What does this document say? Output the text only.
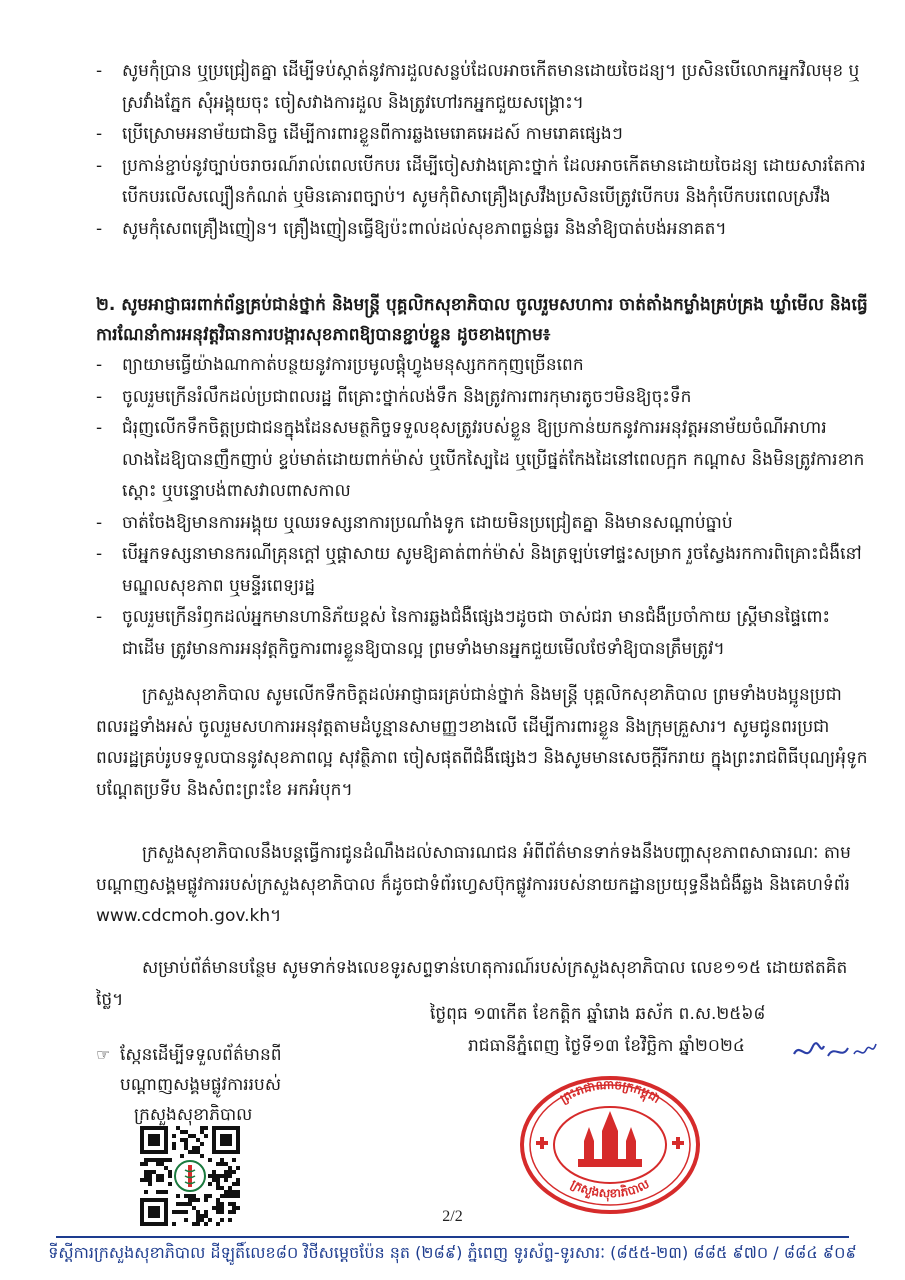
- សូមកុំប្រាន ឬប្រជ្រៀតគ្នា ដើម្បីទប់ស្កាត់នូវការដួលសន្លប់ដែលអាចកើតមានដោយចៃដន្យ។ ប្រសិនបើលោកអ្នកវិលមុខ ឬស្រវាំងភ្នែក សុំអង្គុយចុះ ចៀសវាងការដួល និងត្រូវហៅរកអ្នកជួយសង្គ្រោះ។
- ប្រើស្រោមអនាម័យជានិច្ច ដើម្បីការពារខ្លួនពីការឆ្លងមេរោគអេដស៍ កាមរោគផ្សេងៗ
- ប្រកាន់ខ្ជាប់នូវច្បាប់ចរាចរណ៍រាល់ពេលបើកបរ ដើម្បីចៀសវាងគ្រោះថ្នាក់ ដែលអាចកើតមានដោយចៃដន្យ ដោយសារតែការបើកបរលើសល្បឿនកំណត់ ឬមិនគោរពច្បាប់។ សូមកុំពិសាគ្រឿងស្រវឹងប្រសិនបើត្រូវបើកបរ និងកុំបើកបរពេលស្រវឹង
- សូមកុំសេពគ្រឿងញៀន។ គ្រឿងញៀនធ្វើឱ្យប៉ះពាល់ដល់សុខភាពធ្ងន់ធ្ងរ និងនាំឱ្យបាត់បង់អនាគត។

២. សូមអាជ្ញាធរពាក់ព័ន្ធគ្រប់ជាន់ថ្នាក់ និងមន្ត្រី បុគ្គលិកសុខាភិបាល ចូលរួមសហការ ចាត់តាំងកម្លាំងគ្រប់គ្រង ឃ្លាំមើល និងធ្វើការណែនាំការអនុវត្តវិធានការបង្ការសុខភាពឱ្យបានខ្ជាប់ខ្ជួន ដូចខាងក្រោម៖

- ព្យាយាមធ្វើយ៉ាងណាកាត់បន្ថយនូវការប្រមូលផ្តុំហ្វូងមនុស្សកកកុញច្រើនពេក
- ចូលរួមក្រើនរំលឹកដល់ប្រជាពលរដ្ឋ ពីគ្រោះថ្នាក់លង់ទឹក និងត្រូវការពារកុមារតូចៗមិនឱ្យចុះទឹក
- ជំរុញលើកទឹកចិត្តប្រជាជនក្នុងដែនសមត្ថកិច្ចទទួលខុសត្រូវរបស់ខ្លួន ឱ្យប្រកាន់យកនូវការអនុវត្តអនាម័យចំណីអាហារ លាងដៃឱ្យបានញឹកញាប់ ខ្ទប់មាត់ដោយពាក់ម៉ាស់ ឬបើកស្បៃដៃ ឬប្រើផ្នត់កែងដៃនៅពេលក្អក កណ្តាស និងមិនត្រូវការខាកស្តោះ ឬបន្ទោបង់ពាសវាលពាសកាល
- ចាត់ចែងឱ្យមានការអង្គុយ ឬឈរទស្សនាការប្រណាំងទូក ដោយមិនប្រជ្រៀតគ្នា និងមានសណ្តាប់ធ្នាប់
- បើអ្នកទស្សនាមានករណីគ្រុនក្តៅ ឬផ្តាសាយ សូមឱ្យគាត់ពាក់ម៉ាស់ និងត្រឡប់ទៅផ្ទះសម្រាក រួចស្វែងរកការពិគ្រោះជំងឺនៅមណ្ឌលសុខភាព ឬមន្ទីរពេទ្យរដ្ឋ
- ចូលរួមក្រើនរំឭកដល់អ្នកមានហានិភ័យខ្ពស់ នៃការឆ្លងជំងឺផ្សេងៗដូចជា ចាស់ជរា មានជំងឺប្រចាំកាយ ស្ត្រីមានផ្ទៃពោះជាដើម ត្រូវមានការអនុវត្តកិច្ចការពារខ្លួនឱ្យបានល្អ ព្រមទាំងមានអ្នកជួយមើលថែទាំឱ្យបានត្រឹមត្រូវ។

ក្រសួងសុខាភិបាល សូមលើកទឹកចិត្តដល់អាជ្ញាធរគ្រប់ជាន់ថ្នាក់ និងមន្ត្រី បុគ្គលិកសុខាភិបាល ព្រមទាំងបងប្អូនប្រជាពលរដ្ឋទាំងអស់ ចូលរួមសហការអនុវត្តតាមដំបូន្មានសាមញ្ញៗខាងលើ ដើម្បីការពារខ្លួន និងក្រុមគ្រួសារ។ សូមជូនពរប្រជាពលរដ្ឋគ្រប់រូបទទួលបាននូវសុខភាពល្អ សុវត្ថិភាព ចៀសផុតពីជំងឺផ្សេងៗ និងសូមមានសេចក្តីរីករាយ ក្នុងព្រះរាជពិធីបុណ្យអុំទូក បណ្តែតប្រទីប និងសំពះព្រះខែ អកអំបុក។

ក្រសួងសុខាភិបាលនឹងបន្តធ្វើការជូនដំណឹងដល់សាធារណជន អំពីព័ត៌មានទាក់ទងនឹងបញ្ហាសុខភាពសាធារណៈ តាមបណ្តាញសង្គមផ្លូវការរបស់ក្រសួងសុខាភិបាល ក៏ដូចជាទំព័រហ្វេសប៊ុកផ្លូវការរបស់នាយកដ្ឋានប្រយុទ្ធនឹងជំងឺឆ្លង និងគេហទំព័រ www.cdcmoh.gov.kh។

សម្រាប់ព័ត៌មានបន្ថែម សូមទាក់ទងលេខទូរសព្ទទាន់ហេតុការណ៍របស់ក្រសួងសុខាភិបាល លេខ១១៥ ដោយឥតគិតថ្លៃ។

ថ្ងៃពុធ ១៣កើត ខែកត្តិក ឆ្នាំរោង ឆស័ក ព.ស.២៥៦៨
រាជធានីភ្នំពេញ ថ្ងៃទី១៣ ខែវិច្ឆិកា ឆ្នាំ២០២៤
ព្រះរាជាណាចក្រកម្ពុជា
ក្រសួងសុខាភិបាល
☞ ស្កែនដើម្បីទទួលព័ត៌មានពី
បណ្តាញសង្គមផ្លូវការរបស់
ក្រសួងសុខាភិបាល
2/2
ទីស្តីការក្រសួងសុខាភិបាល ដីឡូតិ៍លេខ៨០ វិថីសម្តេចប៉ែន នុត (២៨៩) ភ្នំពេញ ទូរស័ព្ទ-ទូរសារៈ (៨៥៥-២៣) ៨៨៥ ៩៧០ / ៨៨៤ ៩០៩
